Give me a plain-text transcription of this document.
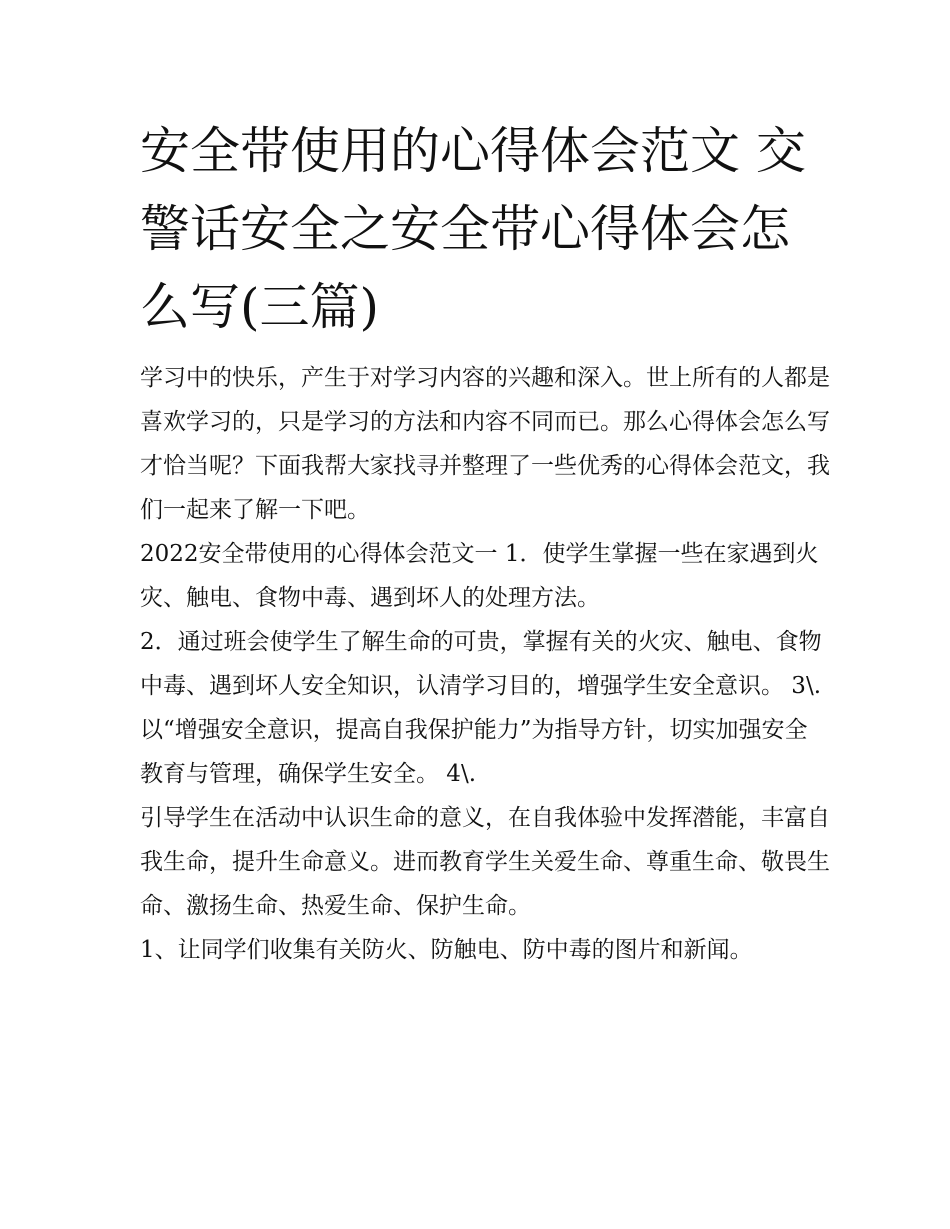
安全带使用的心得体会范文 交警话安全之安全带心得体会怎么写(三篇)

学习中的快乐，产生于对学习内容的兴趣和深入。世上所有的人都是喜欢学习的，只是学习的方法和内容不同而已。那么心得体会怎么写才恰当呢？下面我帮大家找寻并整理了一些优秀的心得体会范文，我们一起来了解一下吧。

2022安全带使用的心得体会范文一 1．使学生掌握一些在家遇到火灾、触电、食物中毒、遇到坏人的处理方法。

2．通过班会使学生了解生命的可贵，掌握有关的火灾、触电、食物中毒、遇到坏人安全知识，认清学习目的，增强学生安全意识。 3\.

以“增强安全意识，提高自我保护能力”为指导方针，切实加强安全教育与管理，确保学生安全。 4\.

引导学生在活动中认识生命的意义，在自我体验中发挥潜能，丰富自我生命，提升生命意义。进而教育学生关爱生命、尊重生命、敬畏生命、激扬生命、热爱生命、保护生命。

1、让同学们收集有关防火、防触电、防中毒的图片和新闻。
